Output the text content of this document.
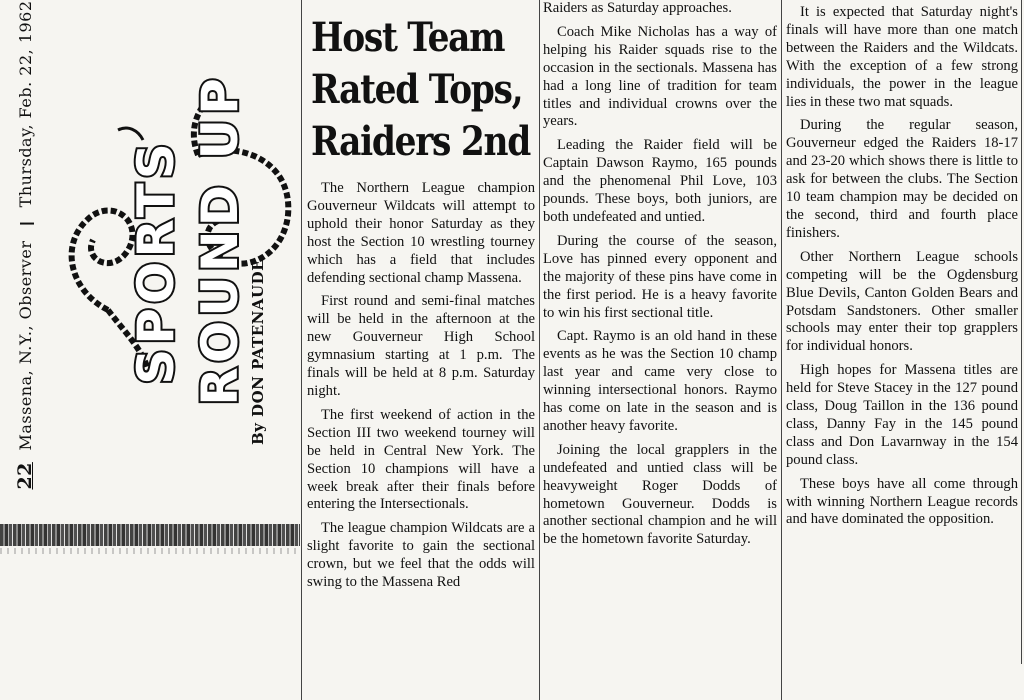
22 Massena, N.Y., Observer  Thursday, Feb. 22, 1962
SPORTS ROUND UP By DON PATENAUDE
Host Team
Rated Tops,
Raiders 2nd

The Northern League champion Gouverneur Wildcats will attempt to uphold their honor Saturday as they host the Section 10 wrestling tourney which has a field that includes defending sectional champ Massena.

First round and semi-final matches will be held in the afternoon at the new Gouverneur High School gymnasium starting at 1 p.m. The finals will be held at 8 p.m. Saturday night.

The first weekend of action in the Section III two weekend tourney will be held in Central New York. The Section 10 champions will have a week break after their finals before entering the Intersectionals.

The league champion Wildcats are a slight favorite to gain the sectional crown, but we feel that the odds will swing to the Massena Red

Raiders as Saturday approaches.

Coach Mike Nicholas has a way of helping his Raider squads rise to the occasion in the sectionals. Massena has had a long line of tradition for team titles and individual crowns over the years.

Leading the Raider field will be Captain Dawson Raymo, 165 pounds and the phenomenal Phil Love, 103 pounds. These boys, both juniors, are both undefeated and untied.

During the course of the season, Love has pinned every opponent and the majority of these pins have come in the first period. He is a heavy favorite to win his first sectional title.

Capt. Raymo is an old hand in these events as he was the Section 10 champ last year and came very close to winning intersectional honors. Raymo has come on late in the season and is another heavy favorite.

Joining the local grapplers in the undefeated and untied class will be heavyweight Roger Dodds of hometown Gouverneur. Dodds is another sectional champion and he will be the hometown favorite Saturday.

It is expected that Saturday night's finals will have more than one match between the Raiders and the Wildcats. With the exception of a few strong individuals, the power in the league lies in these two mat squads.

During the regular season, Gouverneur edged the Raiders 18-17 and 23-20 which shows there is little to ask for between the clubs. The Section 10 team champion may be decided on the second, third and fourth place finishers.

Other Northern League schools competing will be the Ogdensburg Blue Devils, Canton Golden Bears and Potsdam Sandstoners. Other smaller schools may enter their top grapplers for individual honors.

High hopes for Massena titles are held for Steve Stacey in the 127 pound class, Doug Taillon in the 136 pound class, Danny Fay in the 145 pound class and Don Lavarnway in the 154 pound class.

These boys have all come through with winning Northern League records and have dominated the opposition.
